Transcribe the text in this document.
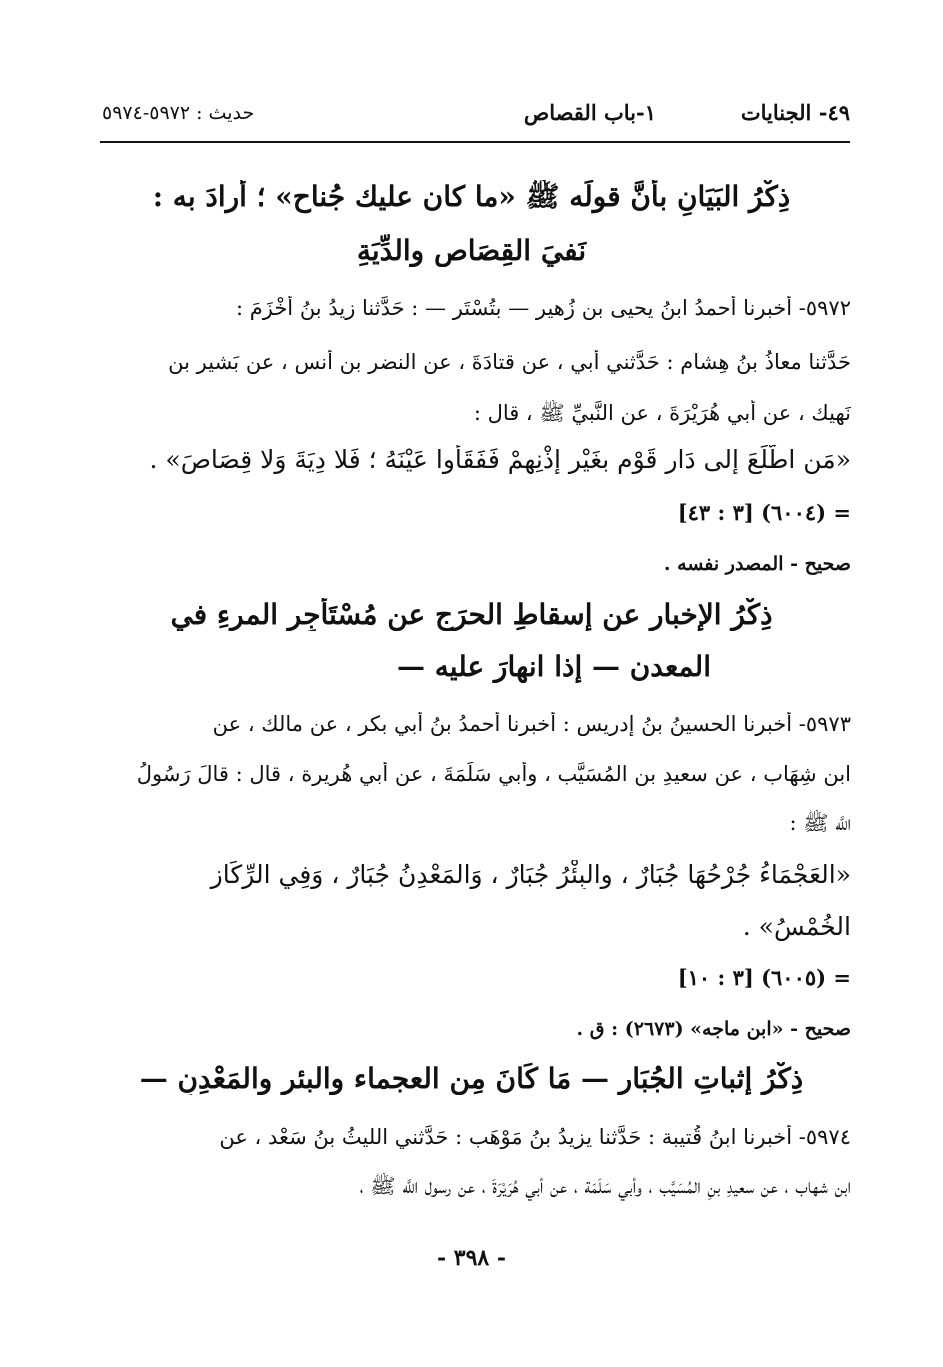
٤٩- الجنايات
١-باب القصاص
حديث : ٥٩٧٢-٥٩٧٤
ذِكْرُ البَيَانِ بأنَّ قولَه ﷺ «ما كان عليك جُناح» ؛ أرادَ به :
نَفيَ القِصَاصِ والدِّيَةِ
٥٩٧٢- أخبرنا أحمدُ ابنُ يحيى بن زُهير — بتُسْتَر — : حَدَّثنا زيدُ بنُ أَخْزَمَ :
حَدَّثنا معاذُ بنُ هِشام : حَدَّثني أبي ، عن قتادَةَ ، عن النضر بن أنس ، عن بَشير بن
نَهيك ، عن أبي هُرَيْرَةَ ، عن النَّبيِّ ﷺ ، قال :
«مَن اطَّلَعَ إلى دَارِ قَوْمٍ بغَيْرِ إذْنِهِمْ فَفَقَأُوا عَيْنَهُ ؛ فَلا دِيَةَ وَلا قِصَاصَ» .
= (٦٠٠٤) [٣ : ٤٣]
صحيح - المصدر نفسه .
ذِكْرُ الإخبارِ عن إسقاطِ الحرَجِ عن مُسْتَأجِرِ المرءِ في
المعدن — إذا انهارَ عليه —
٥٩٧٣- أخبرنا الحسينُ بنُ إدريس : أخبرنا أحمدُ بنُ أبي بكر ، عن مالك ، عن
ابن شِهَاب ، عن سعيدِ بنِ المُسَيَّب ، وأبي سَلَمَةَ ، عن أَبي هُريرة ، قال : قالَ رَسُولُ
اللَّه ﷺ :
«العَجْمَاءُ جُرْحُهَا جُبَارٌ ، والبِئْرُ جُبَارٌ ، وَالمَعْدِنُ جُبَارٌ ، وَفِي الرِّكَازِ
الخُمْسُ» .
= (٦٠٠٥) [٣ : ١٠]
صحيح - «ابن ماجه» (٢٦٧٣) : ق .
ذِكْرُ إثباتِ الجُبَارِ — مَا كَانَ مِن العجماء والبئر والمَعْدِنِ —
٥٩٧٤- أخبرنا ابنُ قُتيبة : حَدَّثنا يزيدُ بنُ مَوْهَب : حَدَّثني الليثُ بنُ سَعْد ، عن
ابن شهاب ، عن سعيدِ بنِ المُسَيَّب ، وأبي سَلَمَة ، عن أبي هُرَيْرَةَ ، عن رسول اللَّه ﷺ ،
- ٣٩٨ -
